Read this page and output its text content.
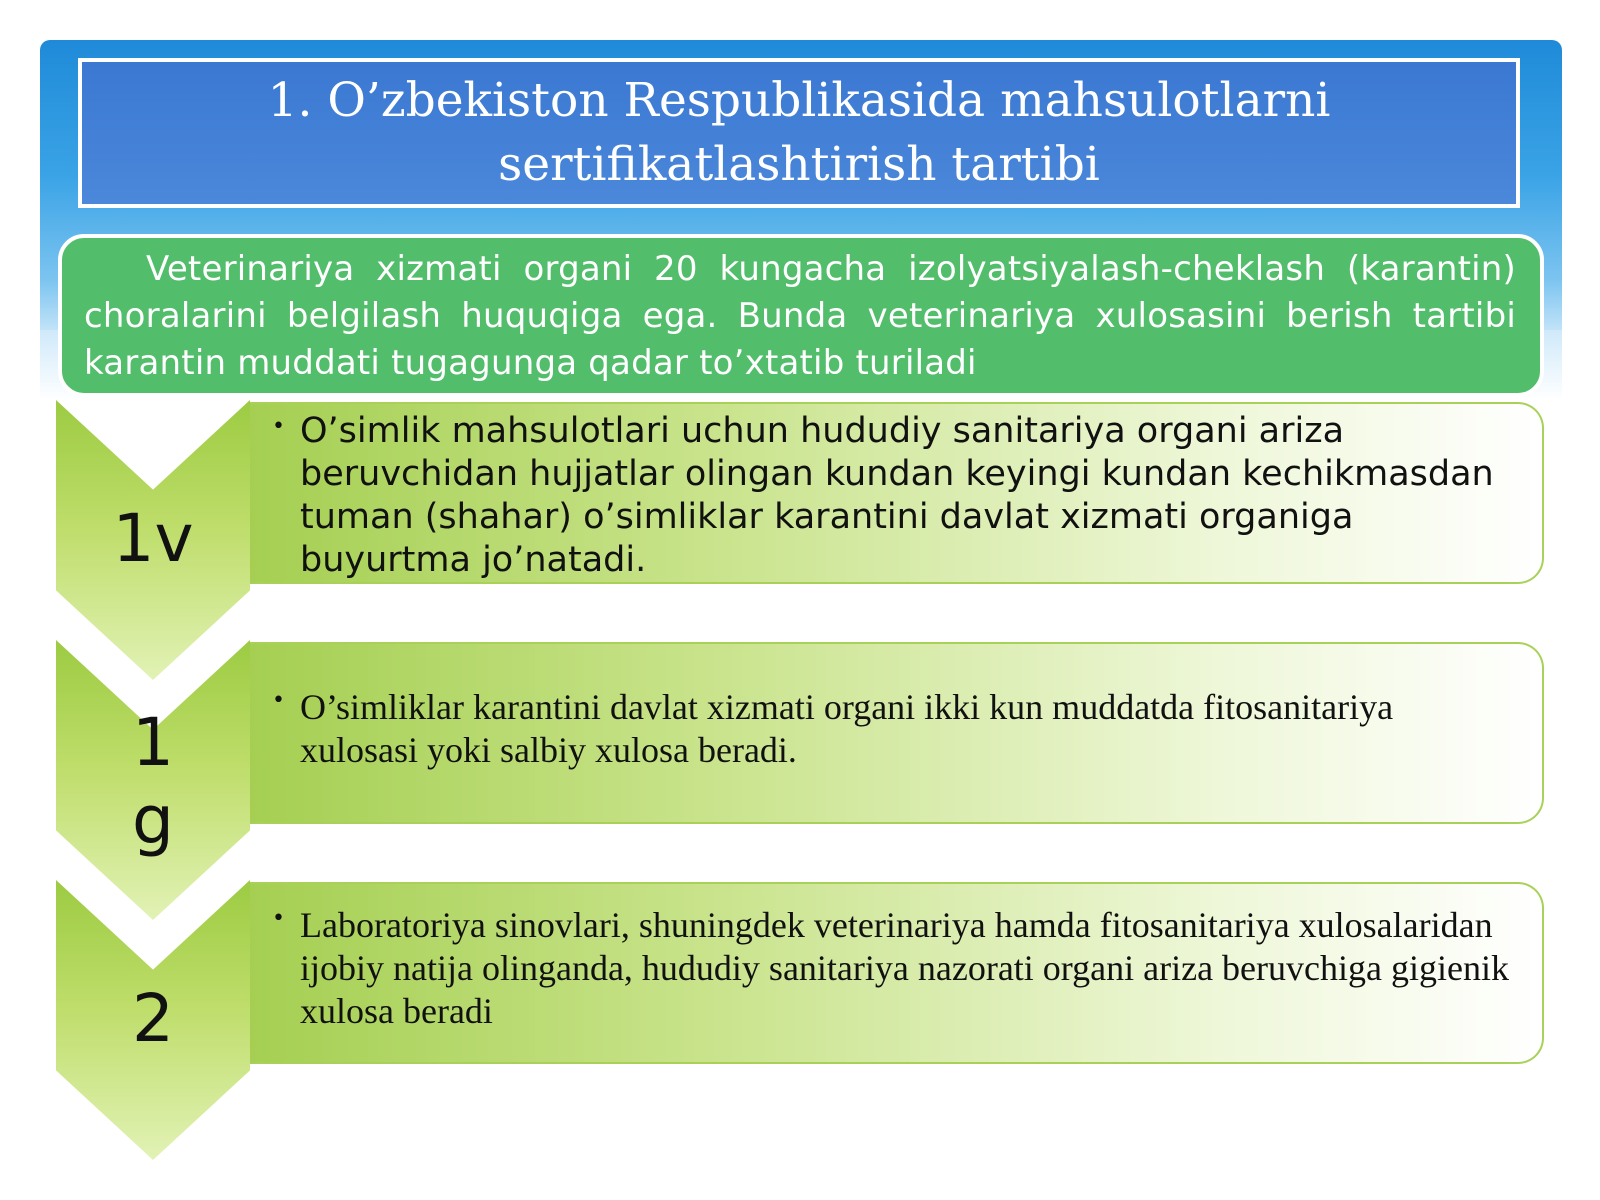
1. O’zbekiston Respublikasida mahsulotlarni sertifikatlashtirish tartibi
Veterinariya xizmati organi 20 kungacha izolyatsiyalash-cheklash (karantin) choralarini belgilash huquqiga ega. Bunda veterinariya xulosasini berish tartibi karantin muddati tugagunga qadar to’xtatib turiladi
1v
• O’simlik mahsulotlari uchun hududiy sanitariya organi ariza beruvchidan hujjatlar olingan kundan keyingi kundan kechikmasdan tuman (shahar) o’simliklar karantini davlat xizmati organiga buyurtma jo’natadi.
1
g
• O’simliklar karantini davlat xizmati organi ikki kun muddatda fitosanitariya xulosasi yoki salbiy xulosa beradi.
2
• Laboratoriya sinovlari, shuningdek veterinariya hamda fitosanitariya xulosalaridan ijobiy natija olinganda, hududiy sanitariya nazorati organi ariza beruvchiga gigienik xulosa beradi
